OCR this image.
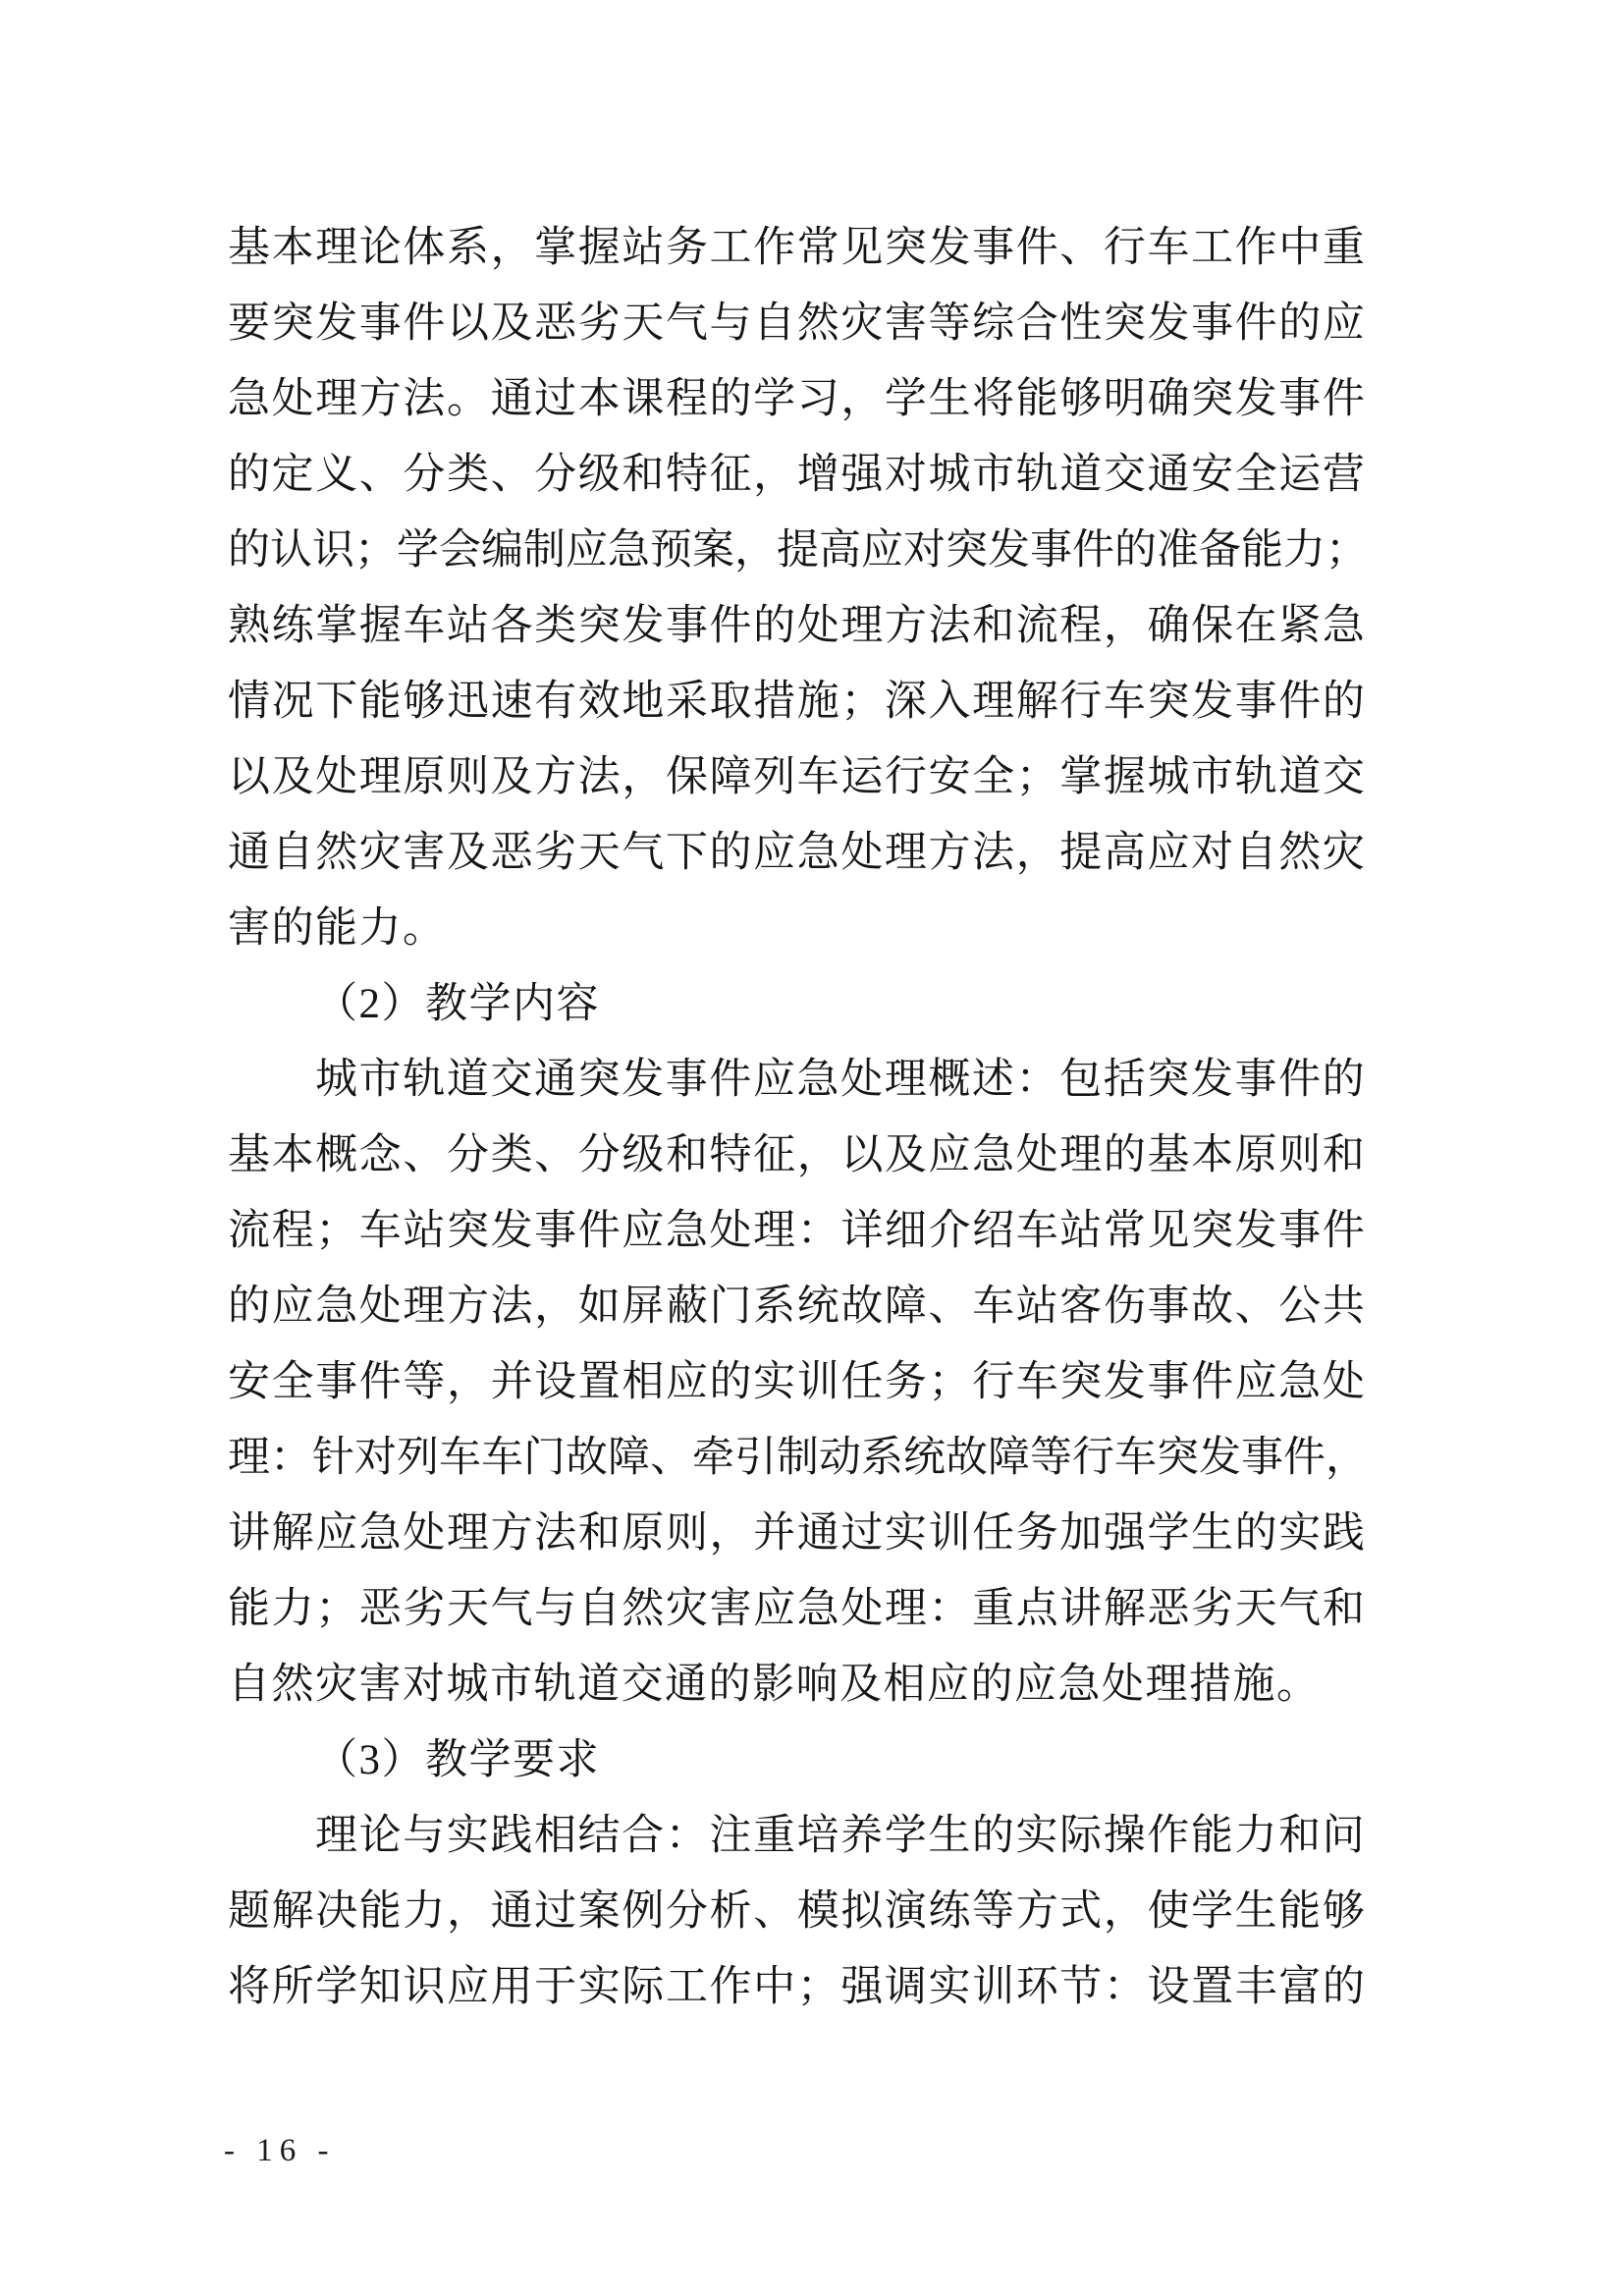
基 本 理 论 体 系 ， 掌 握 站 务 工 作 常 见 突 发 事 件 、 行 车 工 作 中 重
要 突 发 事 件 以 及 恶 劣 天 气 与 自 然 灾 害 等 综 合 性 突 发 事 件 的 应
急 处 理 方 法 。 通 过 本 课 程 的 学 习 ， 学 生 将 能 够 明 确 突 发 事 件
的 定 义 、 分 类 、 分 级 和 特 征 ， 增 强 对 城 市 轨 道 交 通 安 全 运 营
的 认 识 ； 学 会 编 制 应 急 预 案 ， 提 高 应 对 突 发 事 件 的 准 备 能 力 ；
熟 练 掌 握 车 站 各 类 突 发 事 件 的 处 理 方 法 和 流 程 ， 确 保 在 紧 急
情 况 下 能 够 迅 速 有 效 地 采 取 措 施 ； 深 入 理 解 行 车 突 发 事 件 的
以 及 处 理 原 则 及 方 法 ， 保 障 列 车 运 行 安 全 ； 掌 握 城 市 轨 道 交
通 自 然 灾 害 及 恶 劣 天 气 下 的 应 急 处 理 方 法 ， 提 高 应 对 自 然 灾
害的能力。
（2）教学内容
城 市 轨 道 交 通 突 发 事 件 应 急 处 理 概 述 ： 包 括 突 发 事 件 的
基 本 概 念 、 分 类 、 分 级 和 特 征 ， 以 及 应 急 处 理 的 基 本 原 则 和
流 程 ； 车 站 突 发 事 件 应 急 处 理 ： 详 细 介 绍 车 站 常 见 突 发 事 件
的 应 急 处 理 方 法 ， 如 屏 蔽 门 系 统 故 障 、 车 站 客 伤 事 故 、 公 共
安 全 事 件 等 ， 并 设 置 相 应 的 实 训 任 务 ； 行 车 突 发 事 件 应 急 处
理 ： 针 对 列 车 车 门 故 障 、 牵 引 制 动 系 统 故 障 等 行 车 突 发 事 件 ，
讲 解 应 急 处 理 方 法 和 原 则 ， 并 通 过 实 训 任 务 加 强 学 生 的 实 践
能 力 ； 恶 劣 天 气 与 自 然 灾 害 应 急 处 理 ： 重 点 讲 解 恶 劣 天 气 和
自然灾害对城市轨道交通的影响及相应的应急处理措施。
（3）教学要求
理 论 与 实 践 相 结 合 ： 注 重 培 养 学 生 的 实 际 操 作 能 力 和 问
题 解 决 能 力 ， 通 过 案 例 分 析 、 模 拟 演 练 等 方 式 ， 使 学 生 能 够
将 所 学 知 识 应 用 于 实 际 工 作 中 ； 强 调 实 训 环 节 ： 设 置 丰 富 的
- 16 -
